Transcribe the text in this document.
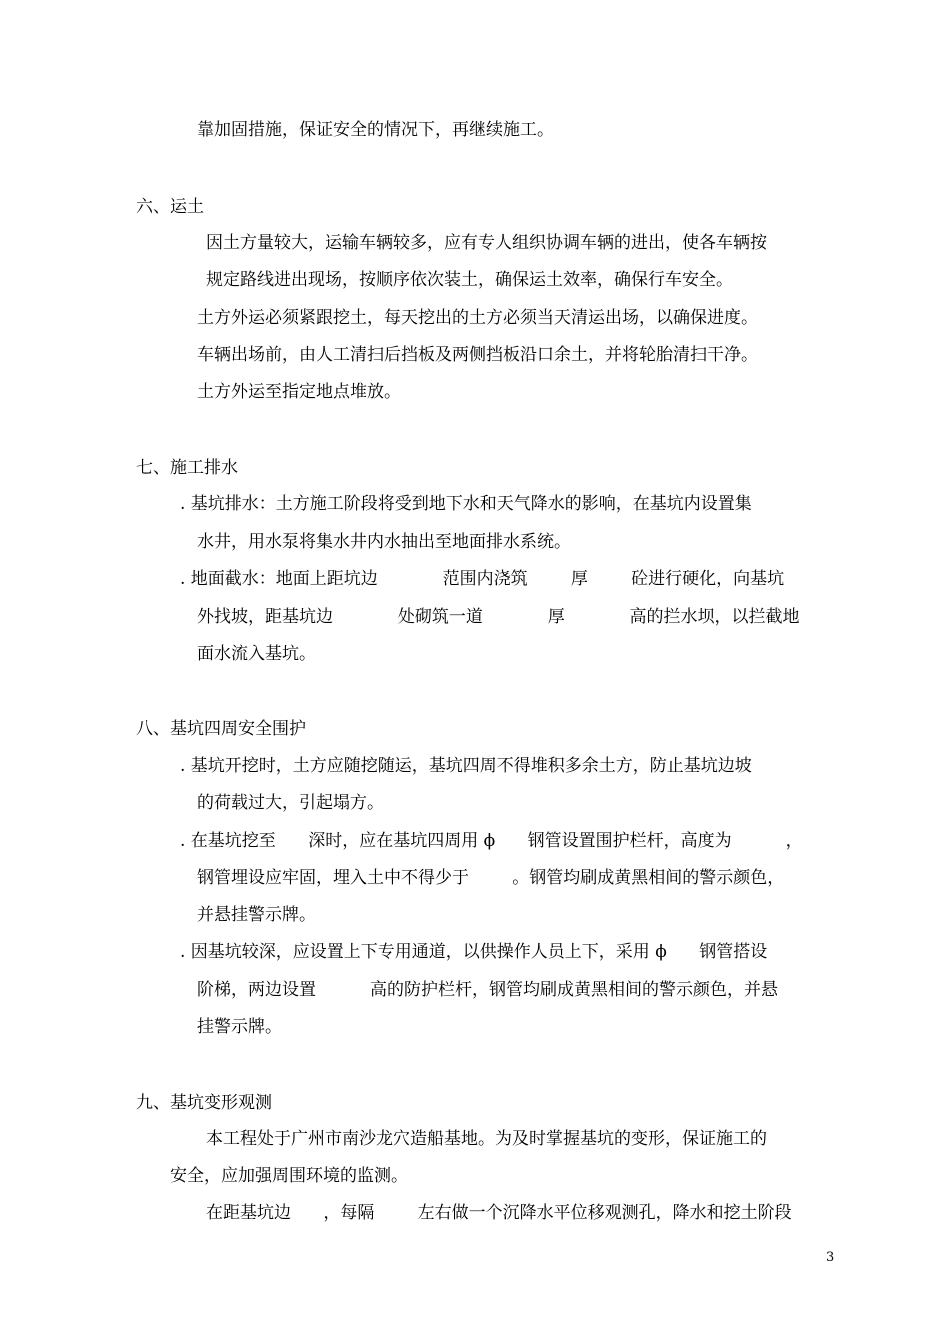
靠加固措施，保证安全的情况下，再继续施工。
六、运土
因土方量较大，运输车辆较多，应有专人组织协调车辆的进出，使各车辆按
规定路线进出现场，按顺序依次装土，确保运土效率，确保行车安全。
土方外运必须紧跟挖土，每天挖出的土方必须当天清运出场，以确保进度。
车辆出场前，由人工清扫后挡板及两侧挡板沿口余土，并将轮胎清扫干净。
土方外运至指定地点堆放。
七、施工排水
. 基坑排水：土方施工阶段将受到地下水和天气降水的影响，在基坑内设置集
水井，用水泵将集水井内水抽出至地面排水系统。
. 地面截水：地面上距坑边            范围内浇筑        厚        砼进行硬化，向基坑
外找坡，距基坑边            处砌筑一道            厚            高的拦水坝，以拦截地
面水流入基坑。
八、基坑四周安全围护
. 基坑开挖时，土方应随挖随运，基坑四周不得堆积多余土方，防止基坑边坡
的荷载过大，引起塌方。
. 在基坑挖至      深时，应在基坑四周用 ϕ      钢管设置围护栏杆，高度为          ，
钢管埋设应牢固，埋入土中不得少于        。钢管均刷成黄黑相间的警示颜色，
并悬挂警示牌。
. 因基坑较深，应设置上下专用通道，以供操作人员上下，采用 ϕ      钢管搭设
阶梯，两边设置          高的防护栏杆，钢管均刷成黄黑相间的警示颜色，并悬
挂警示牌。
九、基坑变形观测
本工程处于广州市南沙龙穴造船基地。为及时掌握基坑的变形，保证施工的
安全，应加强周围环境的监测。
在距基坑边      ，每隔        左右做一个沉降水平位移观测孔，降水和挖土阶段
3
